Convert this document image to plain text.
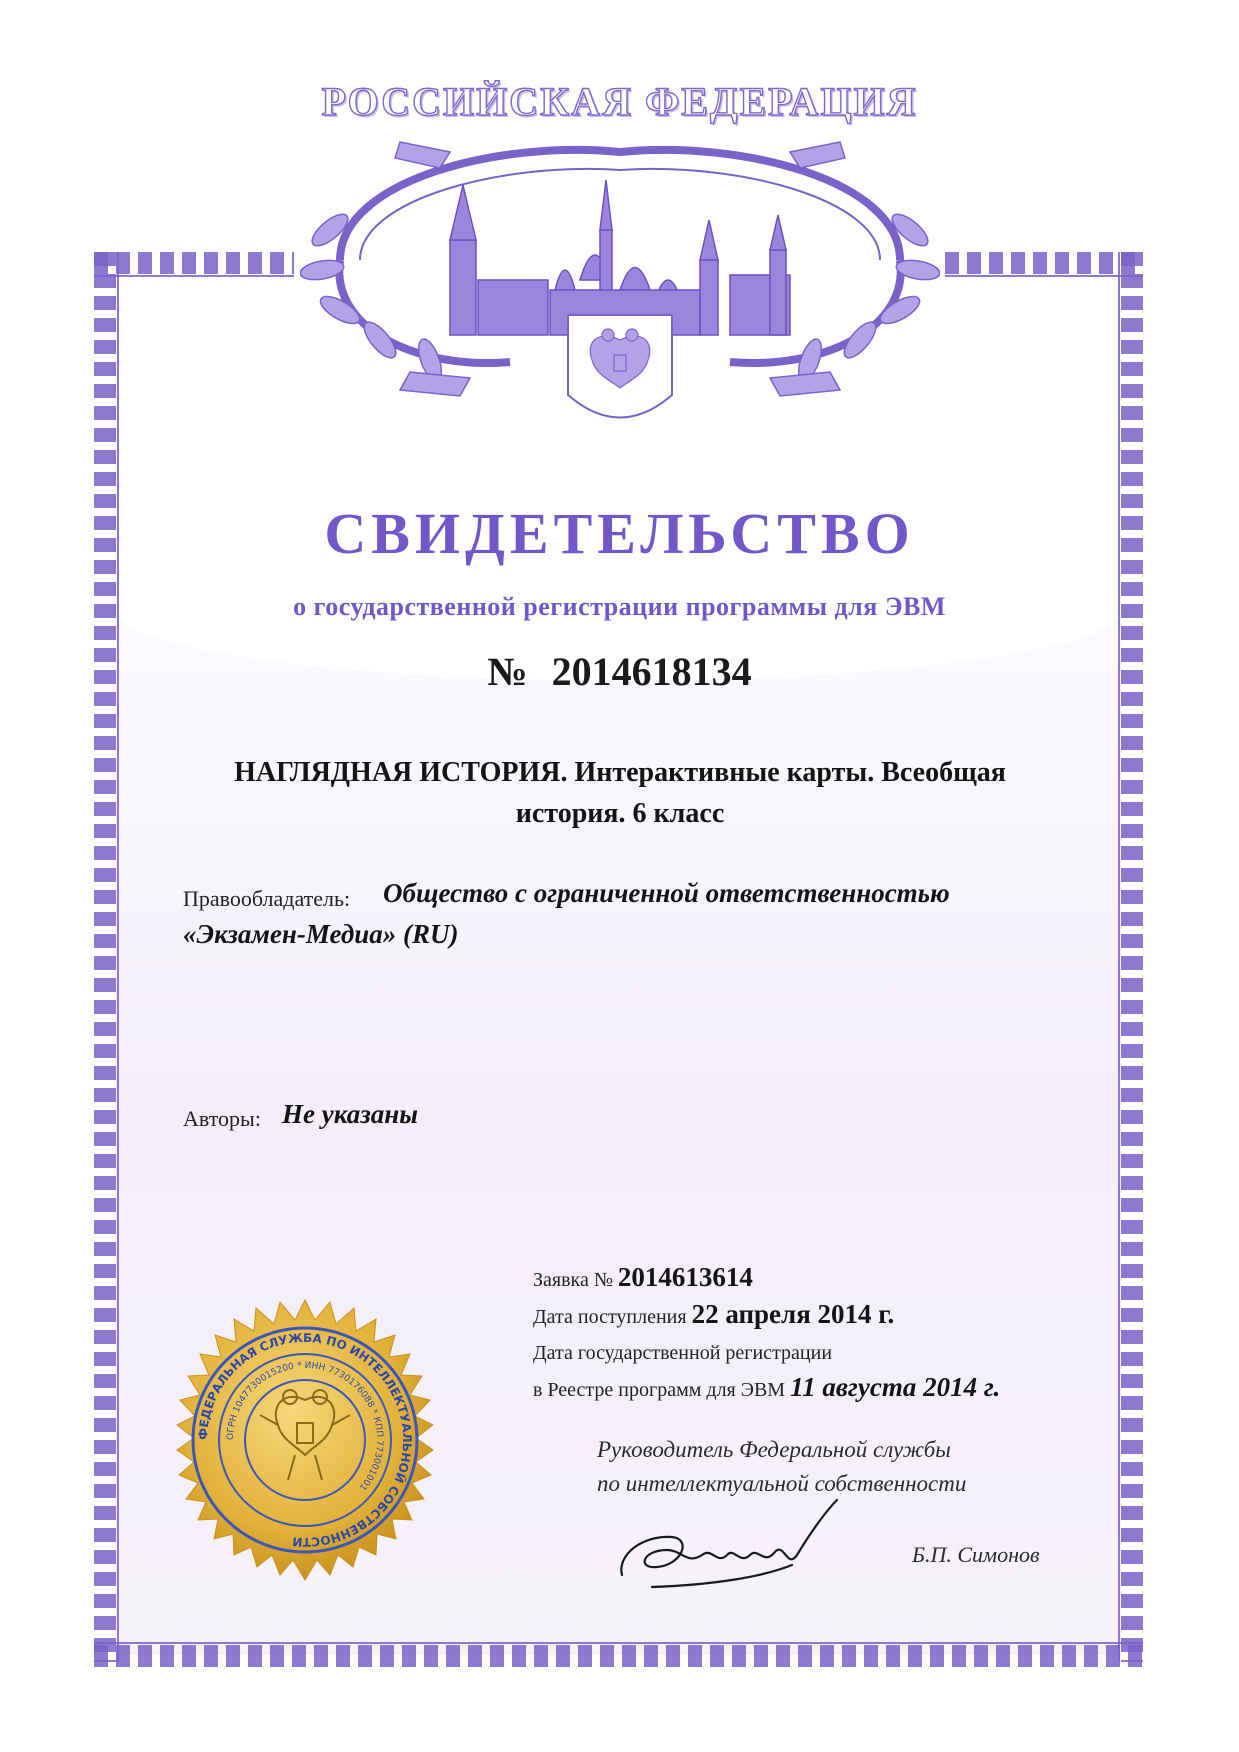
РОССИЙСКАЯ ФЕДЕРАЦИЯ
СВИДЕТЕЛЬСТВО
о государственной регистрации программы для ЭВМ
№ 2014618134
НАГЛЯДНАЯ ИСТОРИЯ. Интерактивные карты. Всеобщая
история. 6 класс
Правообладатель: Общество с ограниченной ответственностью
«Экзамен-Медиа» (RU)
Авторы: Не указаны
Заявка № 2014613614
Дата поступления 22 апреля 2014 г.
Дата государственной регистрации
в Реестре программ для ЭВМ 11 августа 2014 г.
Руководитель Федеральной службы
по интеллектуальной собственности
Б.П. Симонов
ФЕДЕРАЛЬНАЯ СЛУЖБА ПО ИНТЕЛЛЕКТУАЛЬНОЙ СОБСТВЕННОСТИ
ОГРН 1047730015200 * ИНН 7730176088 * КПП 773001001
